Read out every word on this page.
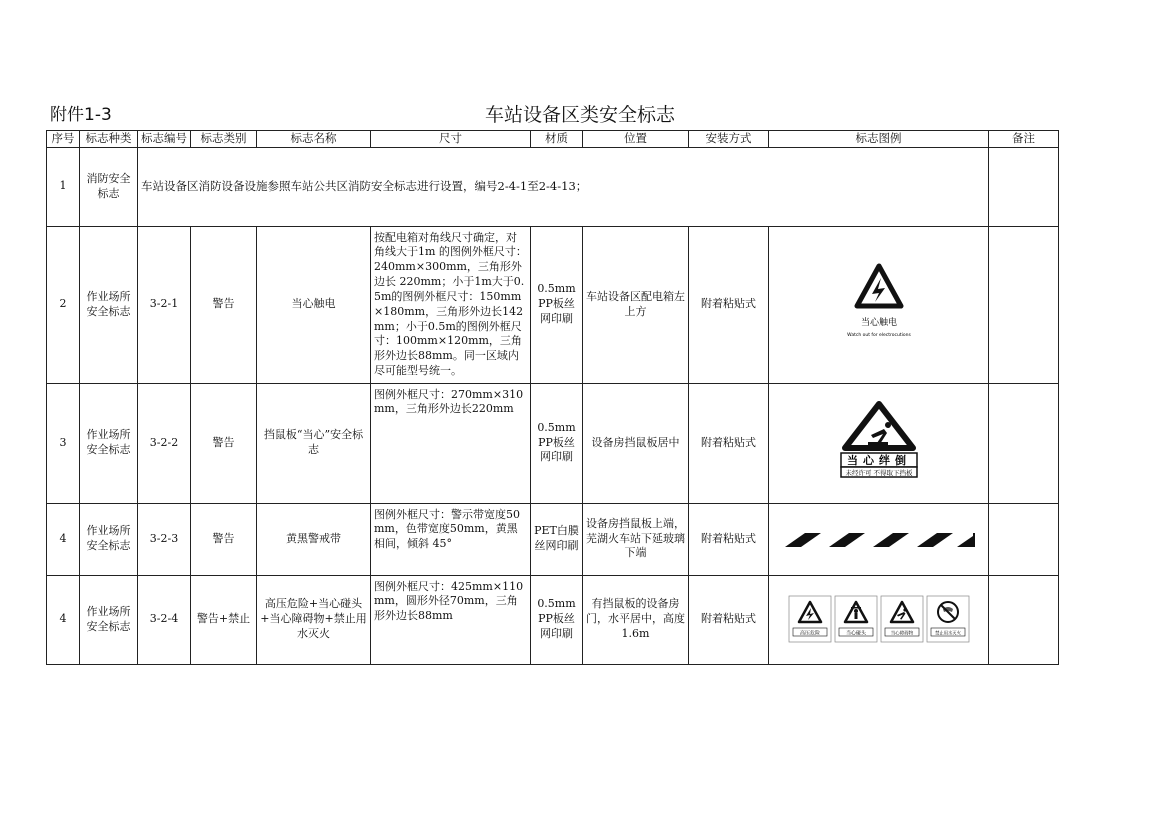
附件1-3	车站设备区类安全标志
序号	标志种类	标志编号	标志类别	标志名称	尺寸	材质	位置	安装方式	标志图例	备注
1	消防安全标志	车站设备区消防设备设施参照车站公共区消防安全标志进行设置，编号2-4-1至2-4-13；								
2	作业场所安全标志	3-2-1	警告	当心触电	按配电箱对角线尺寸确定，对角线大于1m 的图例外框尺寸：240mm×300mm，三角形外边长 220mm；小于1m大于0.5m的图例外框尺寸：150mm×180mm，三角形外边长142mm；小于0.5m的图例外框尺寸：100mm×120mm，三角形外边长88mm。同一区域内尽可能型号统一。	0.5mmPP板丝网印刷	车站设备区配电箱左上方	附着粘贴式	当心触电
Watch out for electrocutions	

3	作业场所安全标志	3-2-2	警告	挡鼠板“当心”安全标志	图例外框尺寸：270mm×310mm，三角形外边长220mm	0.5mmPP板丝网印刷	设备房挡鼠板居中	附着粘贴式	当心绊倒
未经许可 不得取下挡板	

4	作业场所安全标志	3-2-3	警告	黄黑警戒带	图例外框尺寸：警示带宽度50mm，色带宽度50mm，黄黑相间，倾斜 45°	PET白膜丝网印刷	设备房挡鼠板上端，芜湖火车站下延玻璃下端	附着粘贴式	

4	作业场所安全标志	3-2-4	警告+禁止	高压危险+当心碰头+当心障碍物+禁止用水灭火	图例外框尺寸：425mm×110mm，圆形外径70mm，三角形外边长88mm	0.5mmPP板丝网印刷	有挡鼠板的设备房门，水平居中，高度1.6m	附着粘贴式	高压危险 当心碰头 当心障碍物 禁止用水灭火	
